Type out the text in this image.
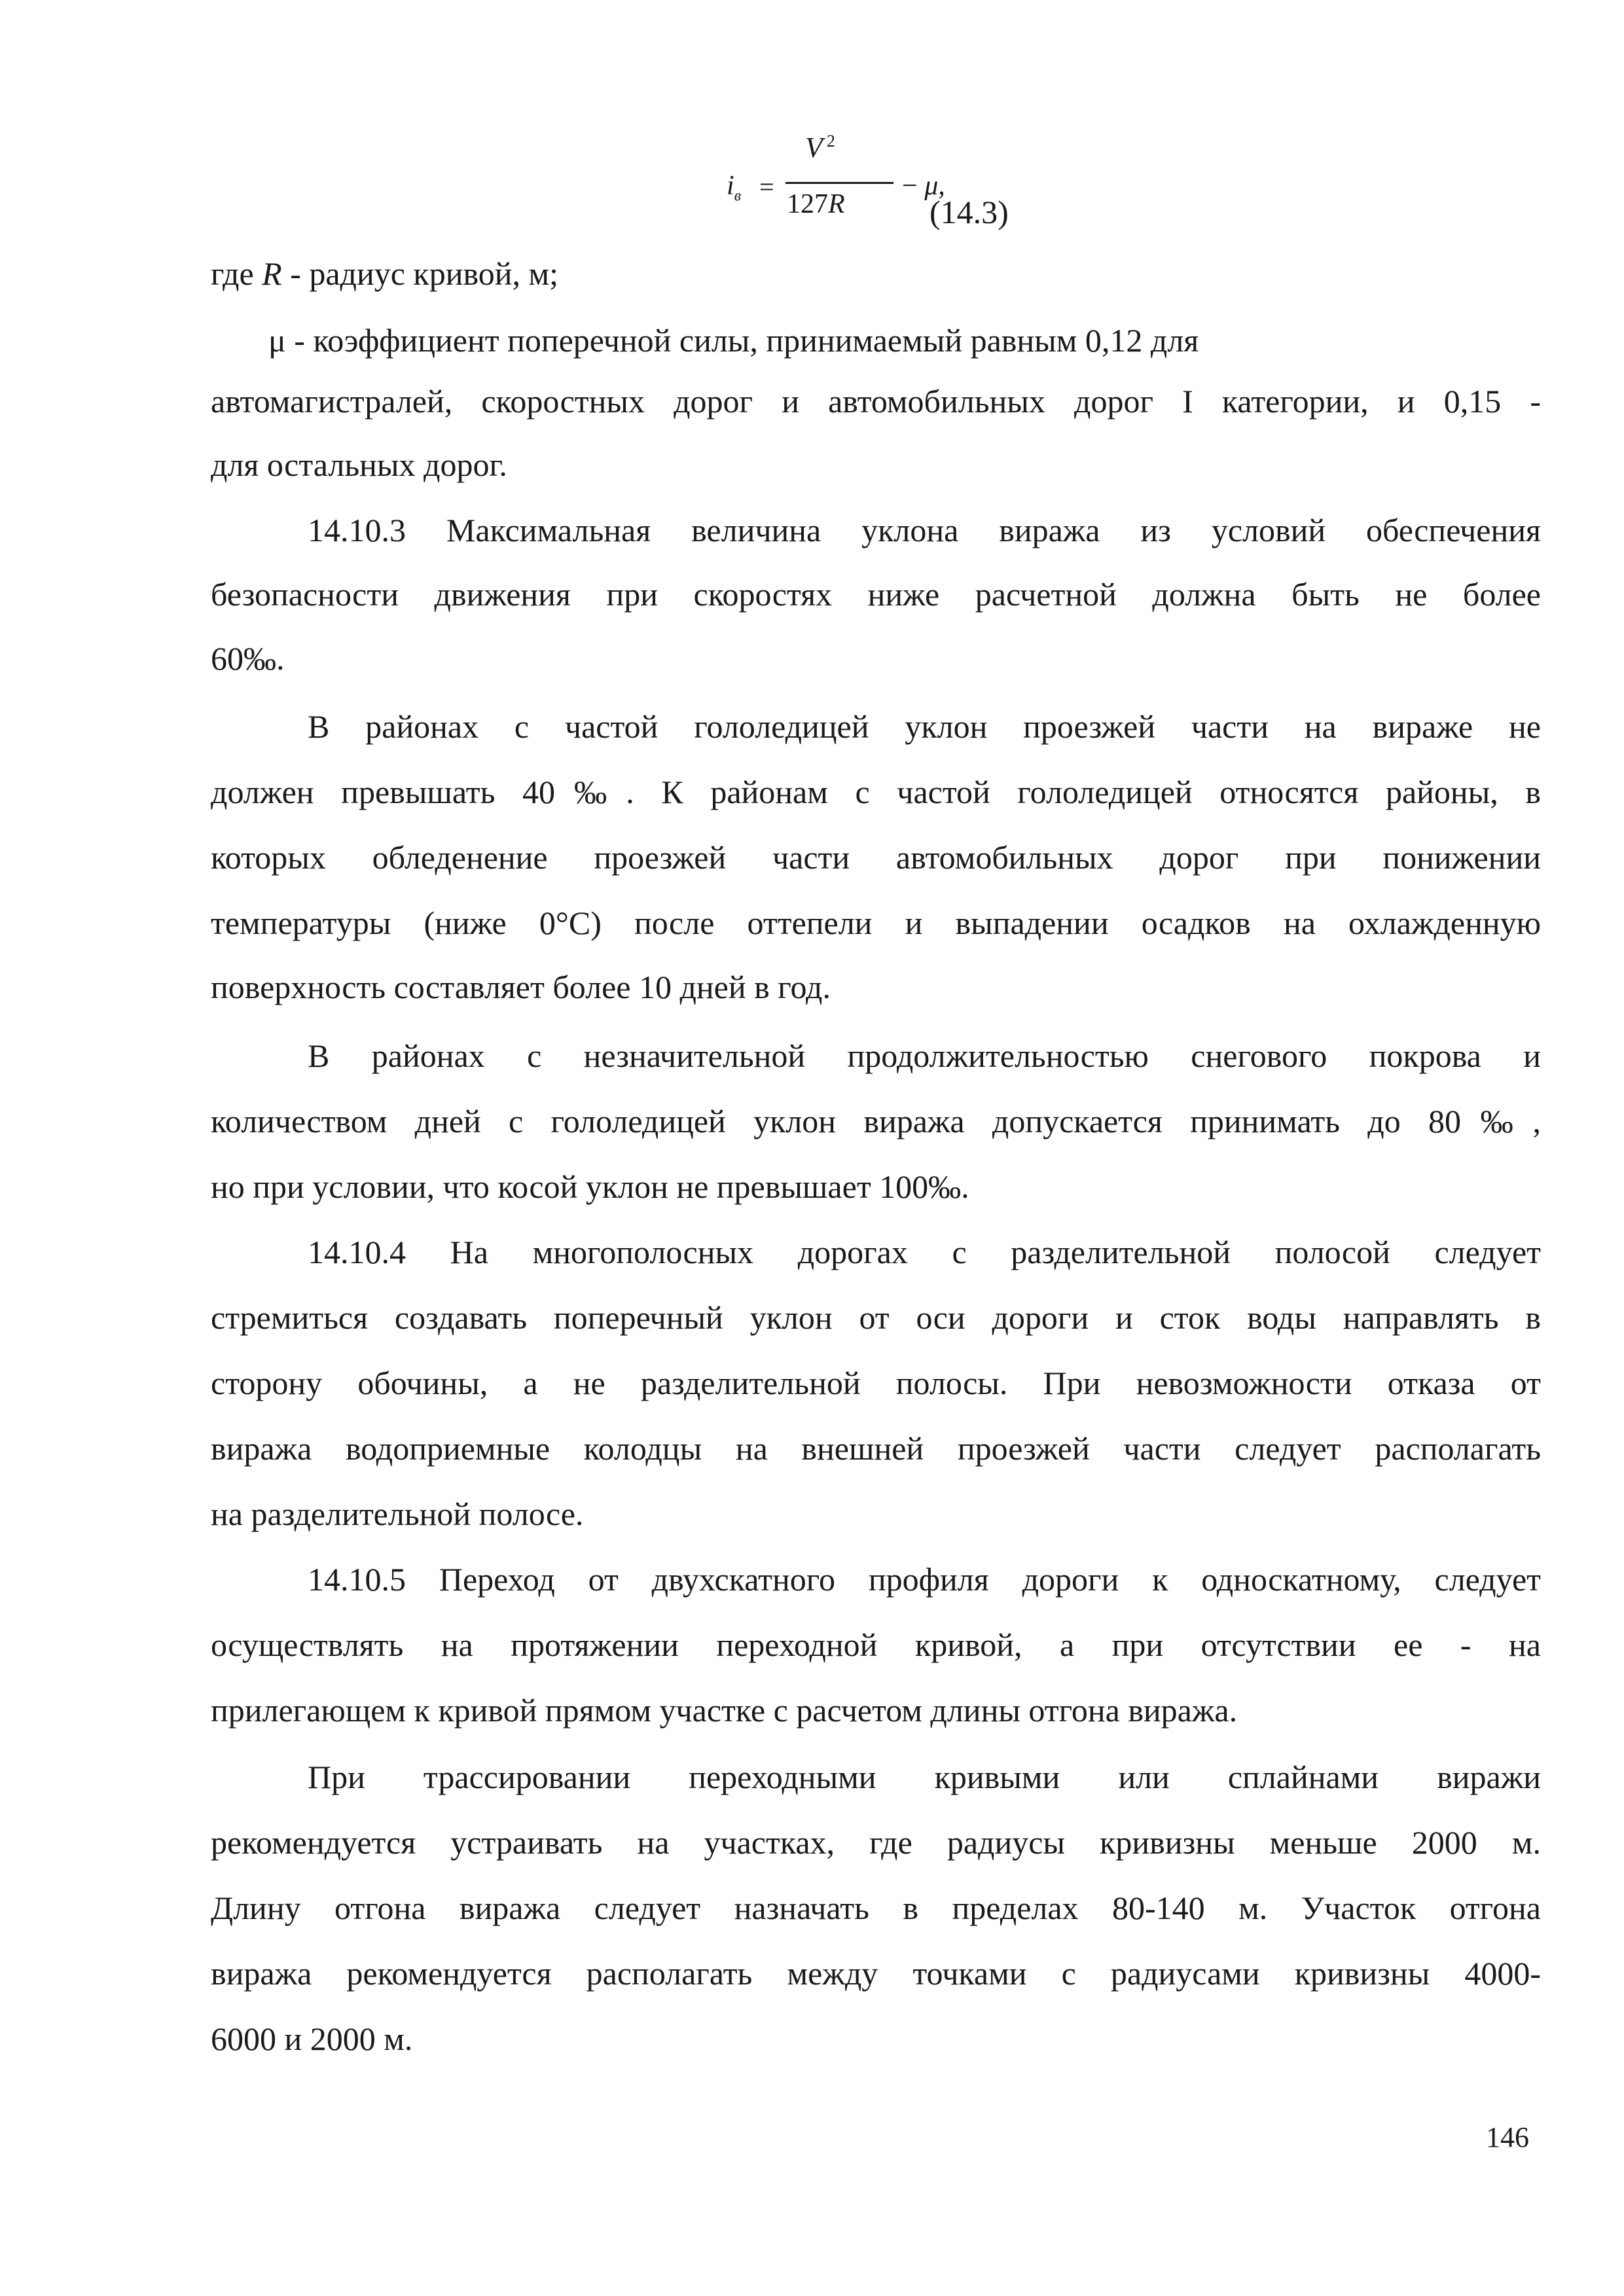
$i_в$ =
V $^2$
127R
− μ,
(14.3)
где R - радиус кривой, м;
μ - коэффициент поперечной силы, принимаемый равным 0,12 для
автомагистралей, скоростных дорог и автомобильных дорог I категории, и 0,15 -
для остальных дорог.
14.10.3 Максимальная величина уклона виража из условий обеспечения
безопасности движения при скоростях ниже расчетной должна быть не более
60‰.
В районах с частой гололедицей уклон проезжей части на вираже не
должен превышать 40‰. К районам с частой гололедицей относятся районы, в
которых обледенение проезжей части автомобильных дорог при понижении
температуры (ниже 0°С) после оттепели и выпадении осадков на охлажденную
поверхность составляет более 10 дней в год.
В районах с незначительной продолжительностью снегового покрова и
количеством дней с гололедицей уклон виража допускается принимать до 80‰,
но при условии, что косой уклон не превышает 100‰.
14.10.4 На многополосных дорогах с разделительной полосой следует
стремиться создавать поперечный уклон от оси дороги и сток воды направлять в
сторону обочины, а не разделительной полосы. При невозможности отказа от
виража водоприемные колодцы на внешней проезжей части следует располагать
на разделительной полосе.
14.10.5 Переход от двухскатного профиля дороги к односкатному, следует
осуществлять на протяжении переходной кривой, а при отсутствии ее - на
прилегающем к кривой прямом участке с расчетом длины отгона виража.
При трассировании переходными кривыми или сплайнами виражи
рекомендуется устраивать на участках, где радиусы кривизны меньше 2000 м.
Длину отгона виража следует назначать в пределах 80-140 м. Участок отгона
виража рекомендуется располагать между точками с радиусами кривизны 4000-
6000 и 2000 м.
146
